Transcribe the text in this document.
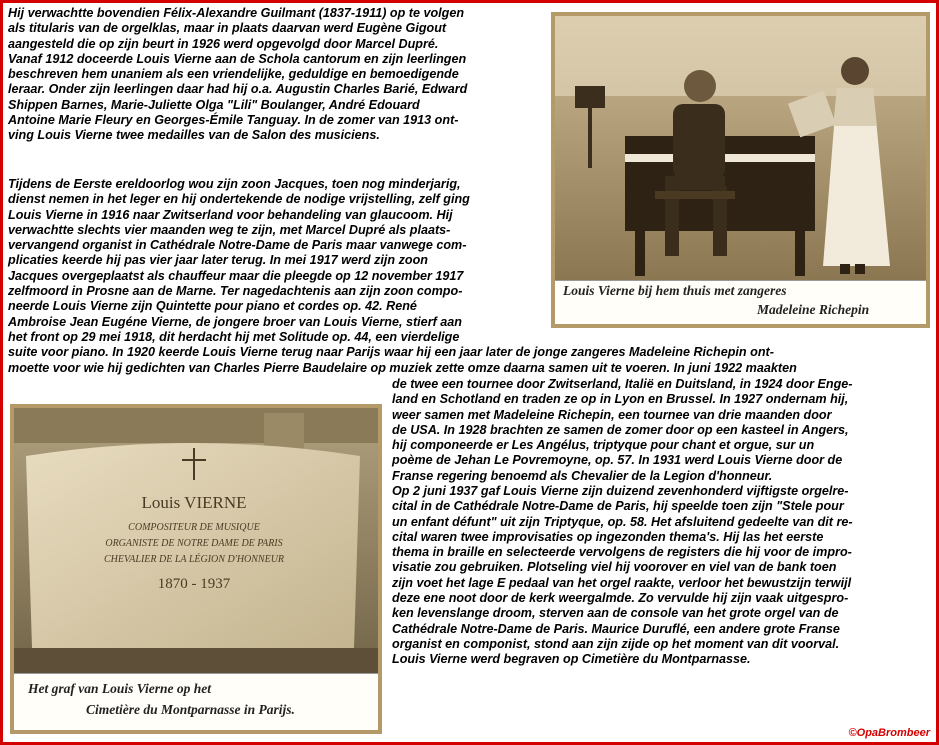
Hij verwachtte bovendien Félix-Alexandre Guilmant (1837-1911) op te volgen
als titularis van de orgelklas, maar in plaats daarvan werd Eugène Gigout
aangesteld die op zijn beurt in 1926 werd opgevolgd door Marcel Dupré.
Vanaf 1912 doceerde Louis Vierne aan de Schola cantorum en zijn leerlingen
beschreven hem unaniem als een vriendelijke, geduldige en bemoedigende
leraar. Onder zijn leerlingen daar had hij o.a. Augustin Charles Barié, Edward
Shippen Barnes, Marie-Juliette Olga "Lili" Boulanger, André Edouard
Antoine Marie Fleury en Georges-Émile Tanguay. In de zomer van 1913 ont-
ving Louis Vierne twee medailles van de Salon des musiciens.
Tijdens de Eerste ereldoorlog wou zijn zoon Jacques, toen nog minderjarig,
dienst nemen in het leger en hij ondertekende de nodige vrijstelling, zelf ging
Louis Vierne in 1916 naar Zwitserland voor behandeling van glaucoom. Hij
verwachtte slechts vier maanden weg te zijn, met Marcel Dupré als plaats-
vervangend organist in Cathédrale Notre-Dame de Paris maar vanwege com-
plicaties keerde hij pas vier jaar later terug. In mei 1917 werd zijn zoon
Jacques overgeplaatst als chauffeur maar die pleegde op 12 november 1917
zelfmoord in Prosne aan de Marne. Ter nagedachtenis aan zijn zoon compo-
neerde Louis Vierne zijn Quintette pour piano et cordes op. 42. René
Ambroise Jean Eugéne Vierne, de jongere broer van Louis Vierne, stierf aan
het front op 29 mei 1918, dit herdacht hij met Solitude op. 44, een vierdelige
suite voor piano. In 1920 keerde Louis Vierne terug naar Parijs waar hij een jaar later de jonge zangeres Madeleine Richepin ont-
moette voor wie hij gedichten van Charles Pierre Baudelaire op muziek zette omze daarna samen uit te voeren. In juni 1922 maakten
de twee een tournee door Zwitserland, Italië en Duitsland, in 1924 door Enge-
land en Schotland en traden ze op in Lyon en Brussel. In 1927 ondernam hij,
weer samen met Madeleine Richepin, een tournee van drie maanden door
de USA. In 1928 brachten ze samen de zomer door op een kasteel in Angers,
hij componeerde er Les Angélus, triptyque pour chant et orgue, sur un
poème de Jehan Le Povremoyne, op. 57. In 1931 werd Louis Vierne door de
Franse regering benoemd als Chevalier de la Legion d'honneur.
Op 2 juni 1937 gaf Louis Vierne zijn duizend zevenhonderd vijftigste orgelre-
cital in de Cathédrale Notre-Dame de Paris, hij speelde toen zijn "Stele pour
un enfant défunt" uit zijn Triptyque, op. 58. Het afsluitend gedeelte van dit re-
cital waren twee improvisaties op ingezonden thema's. Hij las het eerste
thema in braille en selecteerde vervolgens de registers die hij voor de impro-
visatie zou gebruiken. Plotseling viel hij voorover en viel van de bank toen
zijn voet het lage E pedaal van het orgel raakte, verloor het bewustzijn terwijl
deze ene noot door de kerk weergalmde. Zo vervulde hij zijn vaak uitgespro-
ken levenslange droom, sterven aan de console van het grote orgel van de
Cathédrale Notre-Dame de Paris. Maurice Duruflé, een andere grote Franse
organist en componist, stond aan zijn zijde op het moment van dit voorval.
Louis Vierne werd begraven op Cimetière du Montparnasse.
Louis Vierne bij hem thuis met zangeres
Madeleine Richepin
Louis VIERNE
COMPOSITEUR DE MUSIQUE
ORGANISTE DE NOTRE DAME DE PARIS
CHEVALIER DE LA LÉGION D'HONNEUR
1870 - 1937
Het graf van Louis Vierne op het
Cimetière du Montparnasse in Parijs.
©OpaBrombeer
